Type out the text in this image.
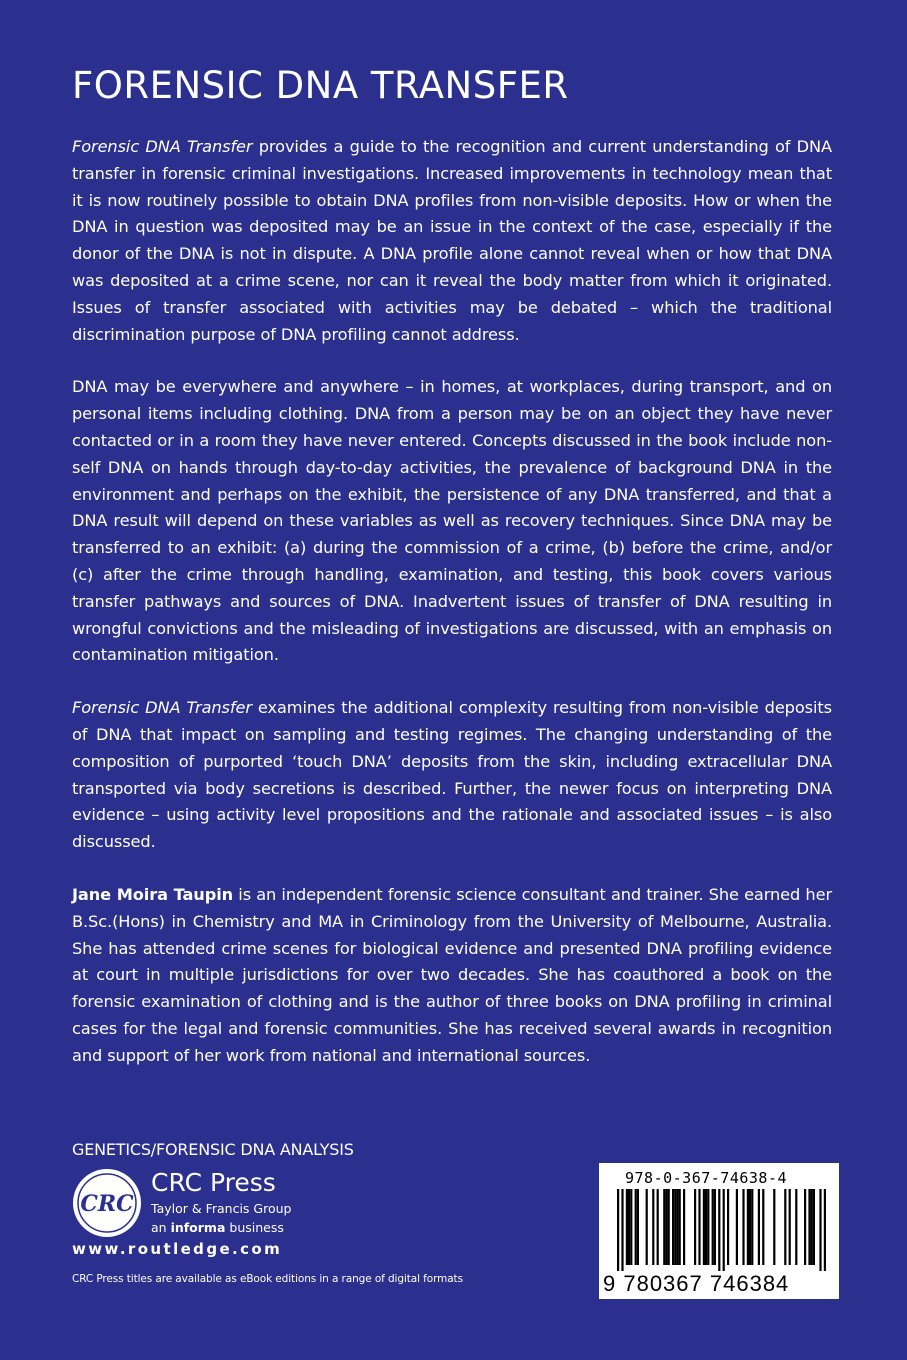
FORENSIC DNA TRANSFER

Forensic DNA Transfer provides a guide to the recognition and current understanding of DNA transfer in forensic criminal investigations. Increased improvements in technology mean that it is now routinely possible to obtain DNA profiles from non-visible deposits. How or when the DNA in question was deposited may be an issue in the context of the case, especially if the donor of the DNA is not in dispute. A DNA profile alone cannot reveal when or how that DNA was deposited at a crime scene, nor can it reveal the body matter from which it originated. Issues of transfer associated with activities may be debated – which the traditional discrimination purpose of DNA profiling cannot address.

DNA may be everywhere and anywhere – in homes, at workplaces, during transport, and on personal items including clothing. DNA from a person may be on an object they have never contacted or in a room they have never entered. Concepts discussed in the book include non-self DNA on hands through day-to-day activities, the prevalence of background DNA in the environment and perhaps on the exhibit, the persistence of any DNA transferred, and that a DNA result will depend on these variables as well as recovery techniques. Since DNA may be transferred to an exhibit: (a) during the commission of a crime, (b) before the crime, and/or (c) after the crime through handling, examination, and testing, this book covers various transfer pathways and sources of DNA. Inadvertent issues of transfer of DNA resulting in wrongful convictions and the misleading of investigations are discussed, with an emphasis on contamination mitigation.

Forensic DNA Transfer examines the additional complexity resulting from non-visible deposits of DNA that impact on sampling and testing regimes. The changing understanding of the composition of purported ‘touch DNA’ deposits from the skin, including extracellular DNA transported via body secretions is described. Further, the newer focus on interpreting DNA evidence – using activity level propositions and the rationale and associated issues – is also discussed.

Jane Moira Taupin is an independent forensic science consultant and trainer. She earned her B.Sc.(Hons) in Chemistry and MA in Criminology from the University of Melbourne, Australia. She has attended crime scenes for biological evidence and presented DNA profiling evidence at court in multiple jurisdictions for over two decades. She has coauthored a book on the forensic examination of clothing and is the author of three books on DNA profiling in criminal cases for the legal and forensic communities. She has received several awards in recognition and support of her work from national and international sources.

GENETICS/FORENSIC DNA ANALYSIS
CRC
CRC Press
Taylor & Francis Group
an informa business
www.routledge.com
CRC Press titles are available as eBook editions in a range of digital formats
978-0-367-74638-4
9 780367 746384
